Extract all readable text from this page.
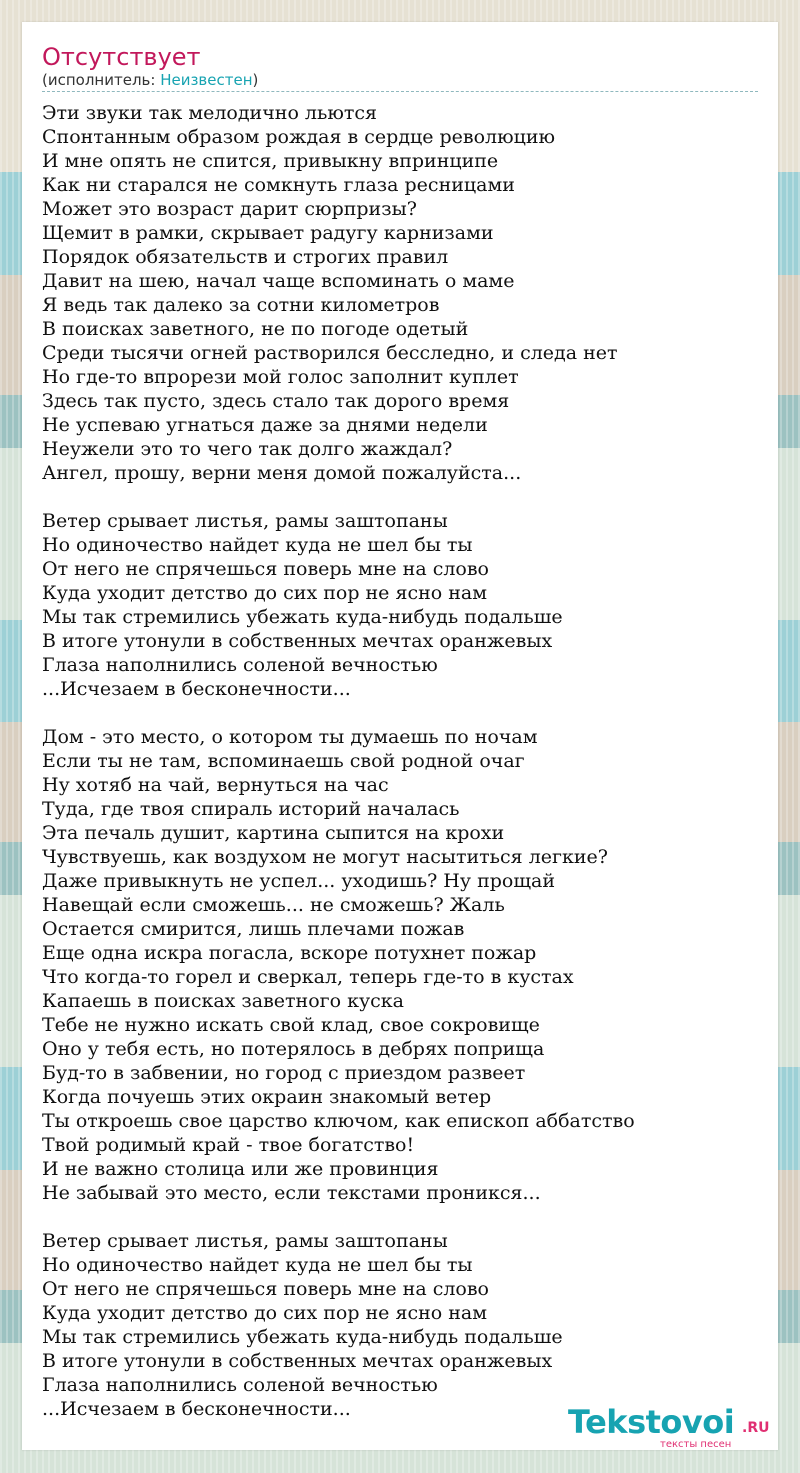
Отсутствует
(исполнитель: Неизвестен)
Эти звуки так мелодично льются
Спонтанным образом рождая в сердце революцию
И мне опять не спится, привыкну впринципе
Как ни старался не сомкнуть глаза ресницами
Может это возраст дарит сюрпризы?
Щемит в рамки, скрывает радугу карнизами
Порядок обязательств и строгих правил
Давит на шею, начал чаще вспоминать о маме
Я ведь так далеко за сотни километров
В поисках заветного, не по погоде одетый
Среди тысячи огней растворился бесследно, и следа нет
Но где-то впрорези мой голос заполнит куплет
Здесь так пусто, здесь стало так дорого время
Не успеваю угнаться даже за днями недели
Неужели это то чего так долго жаждал?
Ангел, прошу, верни меня домой пожалуйста...
Ветер срывает листья, рамы заштопаны
Но одиночество найдет куда не шел бы ты
От него не спрячешься поверь мне на слово
Куда уходит детство до сих пор не ясно нам
Мы так стремились убежать куда-нибудь подальше
В итоге утонули в собственных мечтах оранжевых
Глаза наполнились соленой вечностью
...Исчезаем в бесконечности...
Дом - это место, о котором ты думаешь по ночам
Если ты не там, вспоминаешь свой родной очаг
Ну хотяб на чай, вернуться на час
Туда, где твоя спираль историй началась
Эта печаль душит, картина сыпится на крохи
Чувствуешь, как воздухом не могут насытиться легкие?
Даже привыкнуть не успел... уходишь? Ну прощай
Навещай если сможешь... не сможешь? Жаль
Остается смирится, лишь плечами пожав
Еще одна искра погасла, вскоре потухнет пожар
Что когда-то горел и сверкал, теперь где-то в кустах
Капаешь в поисках заветного куска
Тебе не нужно искать свой клад, свое сокровище
Оно у тебя есть, но потерялось в дебрях поприща
Буд-то в забвении, но город с приездом развеет
Когда почуешь этих окраин знакомый ветер
Ты откроешь свое царство ключом, как епископ аббатство
Твой родимый край - твое богатство!
И не важно столица или же провинция
Не забывай это место, если текстами проникся...
Ветер срывает листья, рамы заштопаны
Но одиночество найдет куда не шел бы ты
От него не спрячешься поверь мне на слово
Куда уходит детство до сих пор не ясно нам
Мы так стремились убежать куда-нибудь подальше
В итоге утонули в собственных мечтах оранжевых
Глаза наполнились соленой вечностью
...Исчезаем в бесконечности...	Tekstovoi .RU
тексты песен
